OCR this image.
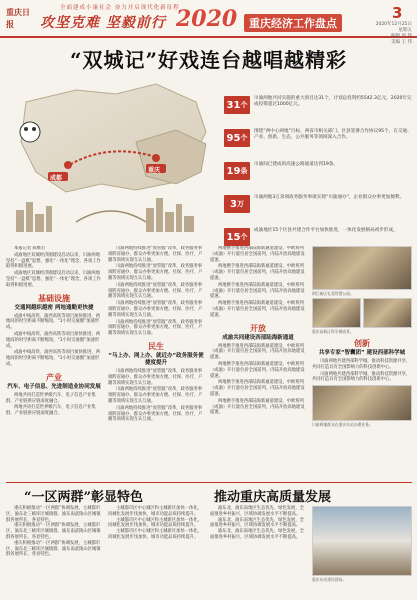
重庆日报
全面建成小康社会 奋力开启现代化新征程
攻坚克难 坚毅前行 2020	重庆经济工作盘点
3
2020年12月25日 星期五
编辑 周 锋
美编 王 伟
“双城记”好戏连台越唱越精彩
成都
重庆
31 个
川渝两地共同实施的重大项目达31个，计划总投资约5542.3亿元，2020年完成投资超过1000亿元。
95 个
围绕“两中心两地”目标，两省市相关部门、区县签署合作协议95个，在交通、产业、创新、生态、公共服务等领域深入合作。
19 条
川渝间已建成的高速公路通道达到19条。
3 万
川渝两地3万余项政务服务事项实现“川渝通办”，企业群众办事更加便利。
15 个
成渝地区15个区县共建合作平台加快推进，一体化发展格局初步形成。

本报记者 陈维灯

成渝地区双城经济圈建设启动以来，川渝两地坚持“一盘棋”思想，强化“一体化”理念，各项工作取得积极进展。

成渝地区双城经济圈建设启动以来，川渝两地坚持“一盘棋”思想，强化“一体化”理念，各项工作取得积极进展。

基础设施
交通网越织越密 两地通勤更快捷

成渝中线高铁、渝西高铁等项目加快推进，两地间的时空距离不断缩短，“1小时交通圈”加速形成。

成渝中线高铁、渝西高铁等项目加快推进，两地间的时空距离不断缩短，“1小时交通圈”加速形成。

成渝中线高铁、渝西高铁等项目加快推进，两地间的时空距离不断缩短，“1小时交通圈”加速形成。

产业
汽车、电子信息、先进制造业协同发展

两地共同打造世界级汽车、电子信息产业集群，产业链供应链深度融合。

两地共同打造世界级汽车、电子信息产业集群，产业链供应链深度融合。

川渝两地持续推进“放管服”改革，政务服务事项跨省通办，群众办事更加方便。社保、医疗、户籍等领域实现互认互通。

川渝两地持续推进“放管服”改革，政务服务事项跨省通办，群众办事更加方便。社保、医疗、户籍等领域实现互认互通。

川渝两地持续推进“放管服”改革，政务服务事项跨省通办，群众办事更加方便。社保、医疗、户籍等领域实现互认互通。

川渝两地持续推进“放管服”改革，政务服务事项跨省通办，群众办事更加方便。社保、医疗、户籍等领域实现互认互通。

川渝两地持续推进“放管服”改革，政务服务事项跨省通办，群众办事更加方便。社保、医疗、户籍等领域实现互认互通。

民生
“马上办、网上办、就近办”政务服务便捷度提升

川渝两地持续推进“放管服”改革，政务服务事项跨省通办，群众办事更加方便。社保、医疗、户籍等领域实现互认互通。

川渝两地持续推进“放管服”改革，政务服务事项跨省通办，群众办事更加方便。社保、医疗、户籍等领域实现互认互通。

川渝两地持续推进“放管服”改革，政务服务事项跨省通办，群众办事更加方便。社保、医疗、户籍等领域实现互认互通。

两地携手推进西部陆海新通道建设，中欧班列（成渝）开行量位居全国前列，内陆开放高地建设提速。

两地携手推进西部陆海新通道建设，中欧班列（成渝）开行量位居全国前列，内陆开放高地建设提速。

两地携手推进西部陆海新通道建设，中欧班列（成渝）开行量位居全国前列，内陆开放高地建设提速。

两地携手推进西部陆海新通道建设，中欧班列（成渝）开行量位居全国前列，内陆开放高地建设提速。

开放
成渝共同建设西部陆海新通道

两地携手推进西部陆海新通道建设，中欧班列（成渝）开行量位居全国前列，内陆开放高地建设提速。

两地携手推进西部陆海新通道建设，中欧班列（成渝）开行量位居全国前列，内陆开放高地建设提速。

两地携手推进西部陆海新通道建设，中欧班列（成渝）开行量位居全国前列，内陆开放高地建设提速。

两地携手推进西部陆海新通道建设，中欧班列（成渝）开行量位居全国前列，内陆开放高地建设提速。

两江新区礼嘉智慧公园。
重庆高新区科学城夜景。
创新
共享专家“智囊团” 建设西部科学城

川渝两地共建西部科学城，推动科技资源共享，共同打造具有全国影响力的科技创新中心。

川渝两地共建西部科学城，推动科技资源共享，共同打造具有全国影响力的科技创新中心。

川渝两地群众在重庆东站办理业务。
“一区两群”彰显特色	推动重庆高质量发展

重庆积极推动“一区两群”协调发展，主城都市区、渝东北三峡库区城镇群、渝东南武陵山区城镇群各展所长、各显特色。

重庆积极推动“一区两群”协调发展，主城都市区、渝东北三峡库区城镇群、渝东南武陵山区城镇群各展所长、各显特色。

重庆积极推动“一区两群”协调发展，主城都市区、渝东北三峡库区城镇群、渝东南武陵山区城镇群各展所长、各显特色。

主城都市区中心城区和主城新区加快一体化，同城化发展步伐加快，城市功能品质持续提升。

主城都市区中心城区和主城新区加快一体化，同城化发展步伐加快，城市功能品质持续提升。

主城都市区中心城区和主城新区加快一体化，同城化发展步伐加快，城市功能品质持续提升。

渝东北、渝东南地区生态优先、绿色发展，全面推进乡村振兴，区域协调发展水平不断提高。

渝东北、渝东南地区生态优先、绿色发展，全面推进乡村振兴，区域协调发展水平不断提高。

渝东北、渝东南地区生态优先、绿色发展，全面推进乡村振兴，区域协调发展水平不断提高。

重庆东站建设现场。
